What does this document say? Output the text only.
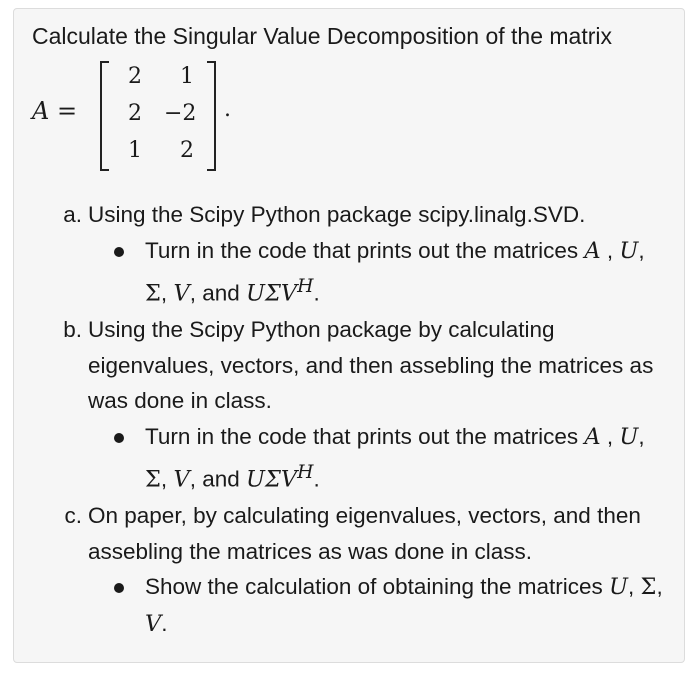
Calculate the Singular Value Decomposition of the matrix
A =
2	1
2 −2
1	2
.
a. Using the Scipy Python package scipy.linalg.SVD.
Turn in the code that prints out the matrices A , U, Σ, V, and $U\Sigma V^H$.
b. Using the Scipy Python package by calculating eigenvalues, vectors, and then assebling the matrices as was done in class.
Turn in the code that prints out the matrices A , U, Σ, V, and $U\Sigma V^H$.
c. On paper, by calculating eigenvalues, vectors, and then assebling the matrices as was done in class.
Show the calculation of obtaining the matrices U, Σ, V.
